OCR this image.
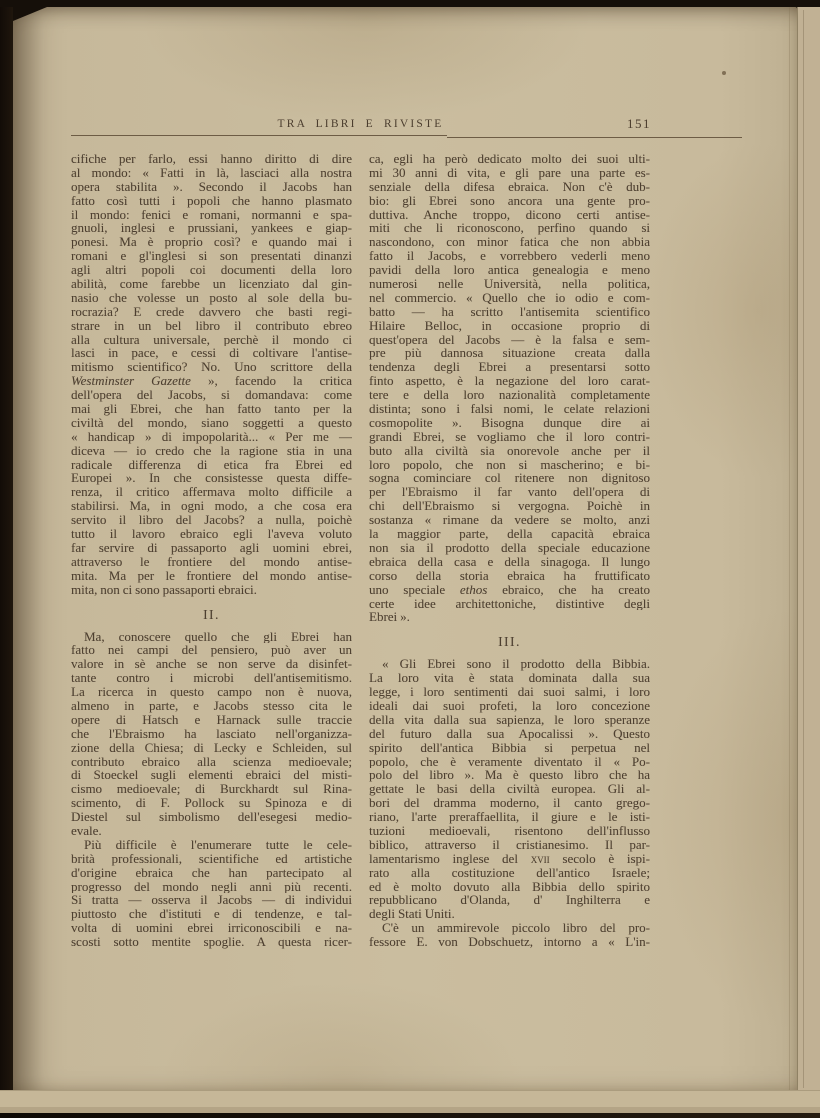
TRA LIBRI E RIVISTE	151
cifiche per farlo, essi hanno diritto di dire
al mondo: « Fatti in là, lasciaci alla nostra
opera stabilita ». Secondo il Jacobs han
fatto così tutti i popoli che hanno plasmato
il mondo: fenici e romani, normanni e spa-
gnuoli, inglesi e prussiani, yankees e giap-
ponesi. Ma è proprio così? e quando mai i
romani e gl'inglesi si son presentati dinanzi
agli altri popoli coi documenti della loro
abilità, come farebbe un licenziato dal gin-
nasio che volesse un posto al sole della bu-
rocrazia? E crede davvero che basti regi-
strare in un bel libro il contributo ebreo
alla cultura universale, perchè il mondo ci
lasci in pace, e cessi di coltivare l'antise-
mitismo scientifico? No. Uno scrittore della
Westminster Gazette », facendo la critica
dell'opera del Jacobs, si domandava: come
mai gli Ebrei, che han fatto tanto per la
civiltà del mondo, siano soggetti a questo
« handicap » di impopolarità... « Per me —
diceva — io credo che la ragione stia in una
radicale differenza di etica fra Ebrei ed
Europei ». In che consistesse questa diffe-
renza, il critico affermava molto difficile a
stabilirsi. Ma, in ogni modo, a che cosa era
servito il libro del Jacobs? a nulla, poichè
tutto il lavoro ebraico egli l'aveva voluto
far servire di passaporto agli uomini ebrei,
attraverso le frontiere del mondo antise-
mita. Ma per le frontiere del mondo antise-
mita, non ci sono passaporti ebraici.
II.
Ma, conoscere quello che gli Ebrei han
fatto nei campi del pensiero, può aver un
valore in sè anche se non serve da disinfet-
tante contro i microbi dell'antisemitismo.
La ricerca in questo campo non è nuova,
almeno in parte, e Jacobs stesso cita le
opere di Hatsch e Harnack sulle traccie
che l'Ebraismo ha lasciato nell'organizza-
zione della Chiesa; di Lecky e Schleiden, sul
contributo ebraico alla scienza medioevale;
di Stoeckel sugli elementi ebraici del misti-
cismo medioevale; di Burckhardt sul Rina-
scimento, di F. Pollock su Spinoza e di
Diestel sul simbolismo dell'esegesi medio-
evale.
Più difficile è l'enumerare tutte le cele-
brità professionali, scientifiche ed artistiche
d'origine ebraica che han partecipato al
progresso del mondo negli anni più recenti.
Si tratta — osserva il Jacobs — di individui
piuttosto che d'istituti e di tendenze, e tal-
volta di uomini ebrei irriconoscibili e na-
scosti sotto mentite spoglie. A questa ricer-
ca, egli ha però dedicato molto dei suoi ulti-
mi 30 anni di vita, e gli pare una parte es-
senziale della difesa ebraica. Non c'è dub-
bio: gli Ebrei sono ancora una gente pro-
duttiva. Anche troppo, dicono certi antise-
miti che li riconoscono, perfino quando si
nascondono, con minor fatica che non abbia
fatto il Jacobs, e vorrebbero vederli meno
pavidi della loro antica genealogia e meno
numerosi nelle Università, nella politica,
nel commercio. « Quello che io odio e com-
batto — ha scritto l'antisemita scientifico
Hilaire Belloc, in occasione proprio di
quest'opera del Jacobs — è la falsa e sem-
pre più dannosa situazione creata dalla
tendenza degli Ebrei a presentarsi sotto
finto aspetto, è la negazione del loro carat-
tere e della loro nazionalità completamente
distinta; sono i falsi nomi, le celate relazioni
cosmopolite ». Bisogna dunque dire ai
grandi Ebrei, se vogliamo che il loro contri-
buto alla civiltà sia onorevole anche per il
loro popolo, che non si mascherino; e bi-
sogna cominciare col ritenere non dignitoso
per l'Ebraismo il far vanto dell'opera di
chi dell'Ebraismo si vergogna. Poichè in
sostanza « rimane da vedere se molto, anzi
la maggior parte, della capacità ebraica
non sia il prodotto della speciale educazione
ebraica della casa e della sinagoga. Il lungo
corso della storia ebraica ha fruttificato
uno speciale ethos ebraico, che ha creato
certe idee architettoniche, distintive degli
Ebrei ».
III.
« Gli Ebrei sono il prodotto della Bibbia.
La loro vita è stata dominata dalla sua
legge, i loro sentimenti dai suoi salmi, i loro
ideali dai suoi profeti, la loro concezione
della vita dalla sua sapienza, le loro speranze
del futuro dalla sua Apocalissi ». Questo
spirito dell'antica Bibbia si perpetua nel
popolo, che è veramente diventato il « Po-
polo del libro ». Ma è questo libro che ha
gettate le basi della civiltà europea. Gli al-
bori del dramma moderno, il canto grego-
riano, l'arte preraffaellita, il giure e le isti-
tuzioni medioevali, risentono dell'influsso
biblico, attraverso il cristianesimo. Il par-
lamentarismo inglese del xvii secolo è ispi-
rato alla costituzione dell'antico Israele;
ed è molto dovuto alla Bibbia dello spirito
repubblicano d'Olanda, d' Inghilterra e
degli Stati Uniti.
C'è un ammirevole piccolo libro del pro-
fessore E. von Dobschuetz, intorno a « L'in-
